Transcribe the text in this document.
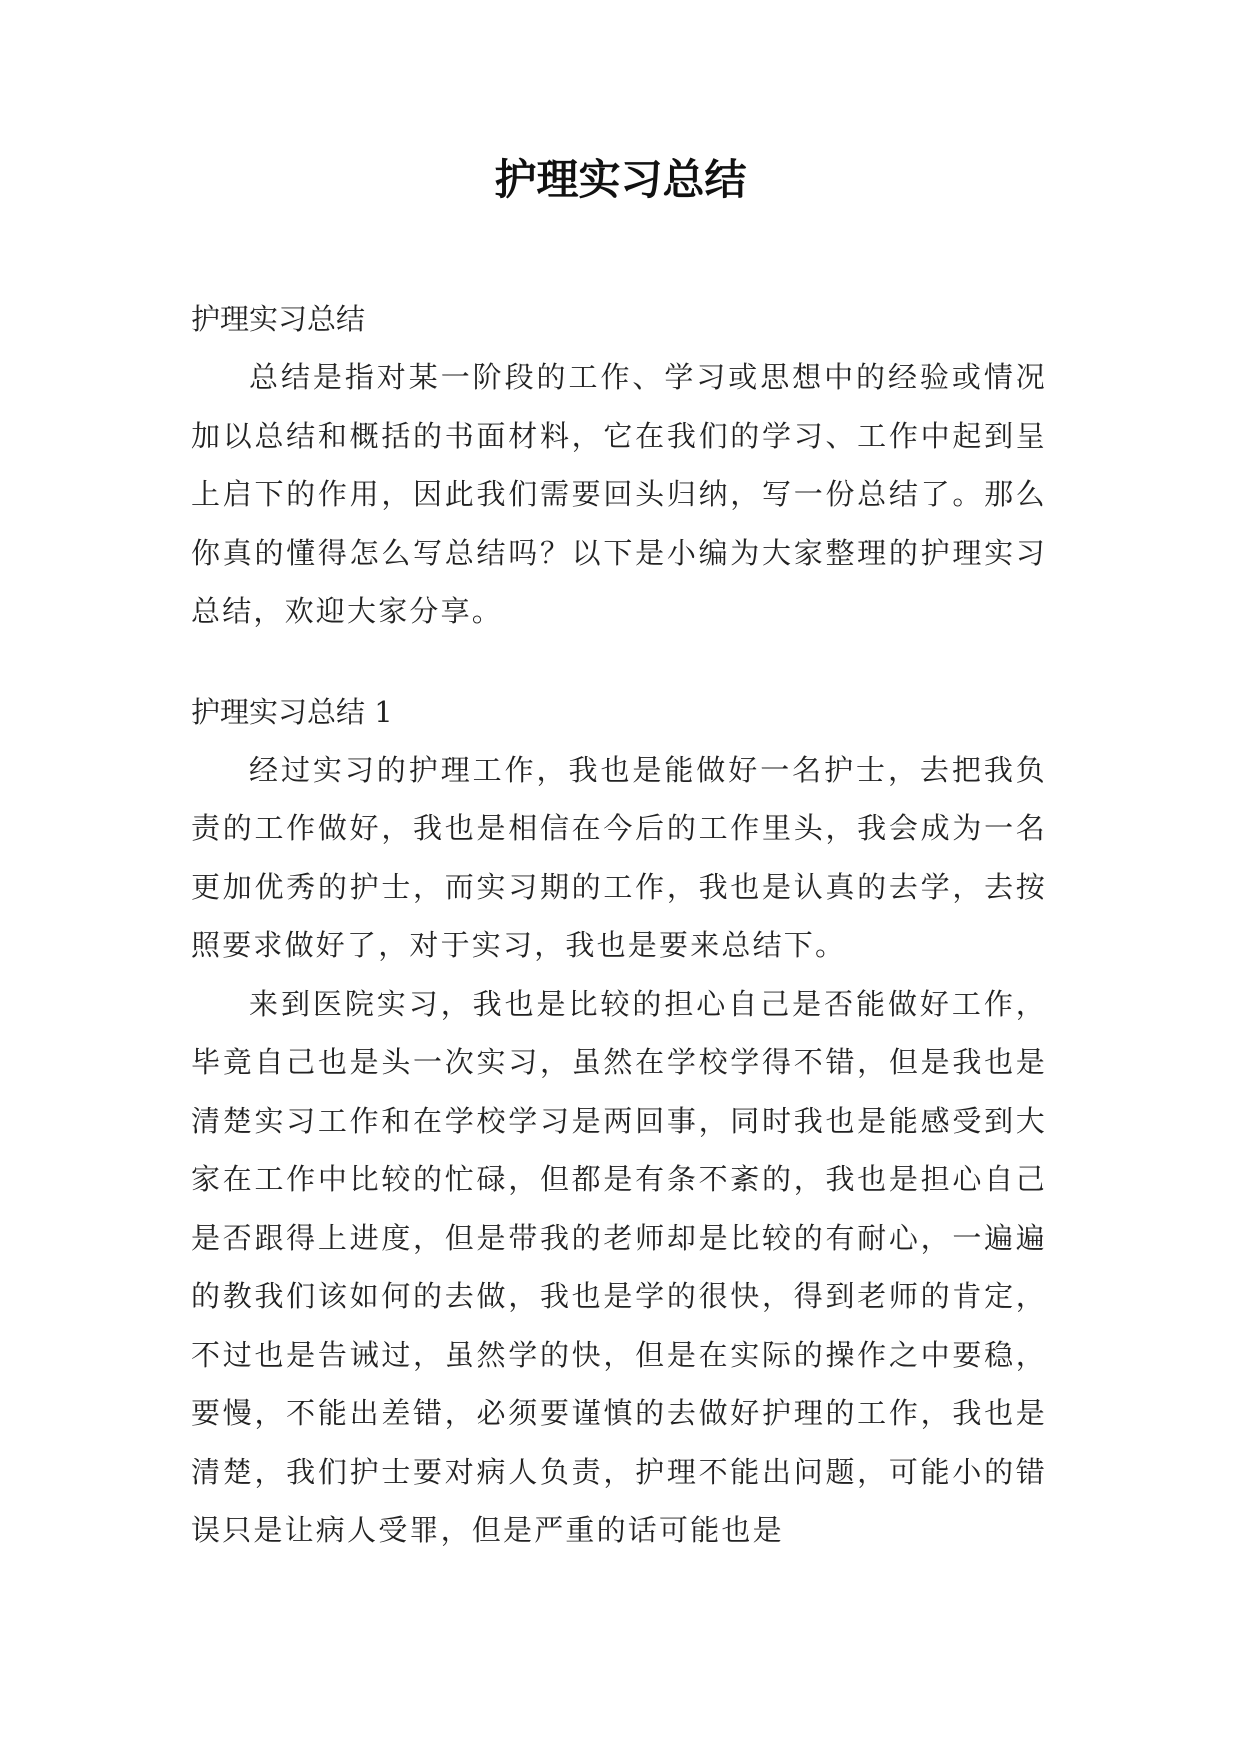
护理实习总结

护理实习总结

总结是指对某一阶段的工作、学习或思想中的经验或情况加以总结和概括的书面材料，它在我们的学习、工作中起到呈上启下的作用，因此我们需要回头归纳，写一份总结了。那么你真的懂得怎么写总结吗？以下是小编为大家整理的护理实习总结，欢迎大家分享。

护理实习总结 1

经过实习的护理工作，我也是能做好一名护士，去把我负责的工作做好，我也是相信在今后的工作里头，我会成为一名更加优秀的护士，而实习期的工作，我也是认真的去学，去按照要求做好了，对于实习，我也是要来总结下。

来到医院实习，我也是比较的担心自己是否能做好工作，毕竟自己也是头一次实习，虽然在学校学得不错，但是我也是清楚实习工作和在学校学习是两回事，同时我也是能感受到大家在工作中比较的忙碌，但都是有条不紊的，我也是担心自己是否跟得上进度，但是带我的老师却是比较的有耐心，一遍遍的教我们该如何的去做，我也是学的很快，得到老师的肯定，不过也是告诫过，虽然学的快，但是在实际的操作之中要稳，要慢，不能出差错，必须要谨慎的去做好护理的工作，我也是清楚，我们护士要对病人负责，护理不能出问题，可能小的错误只是让病人受罪，但是严重的话可能也是
